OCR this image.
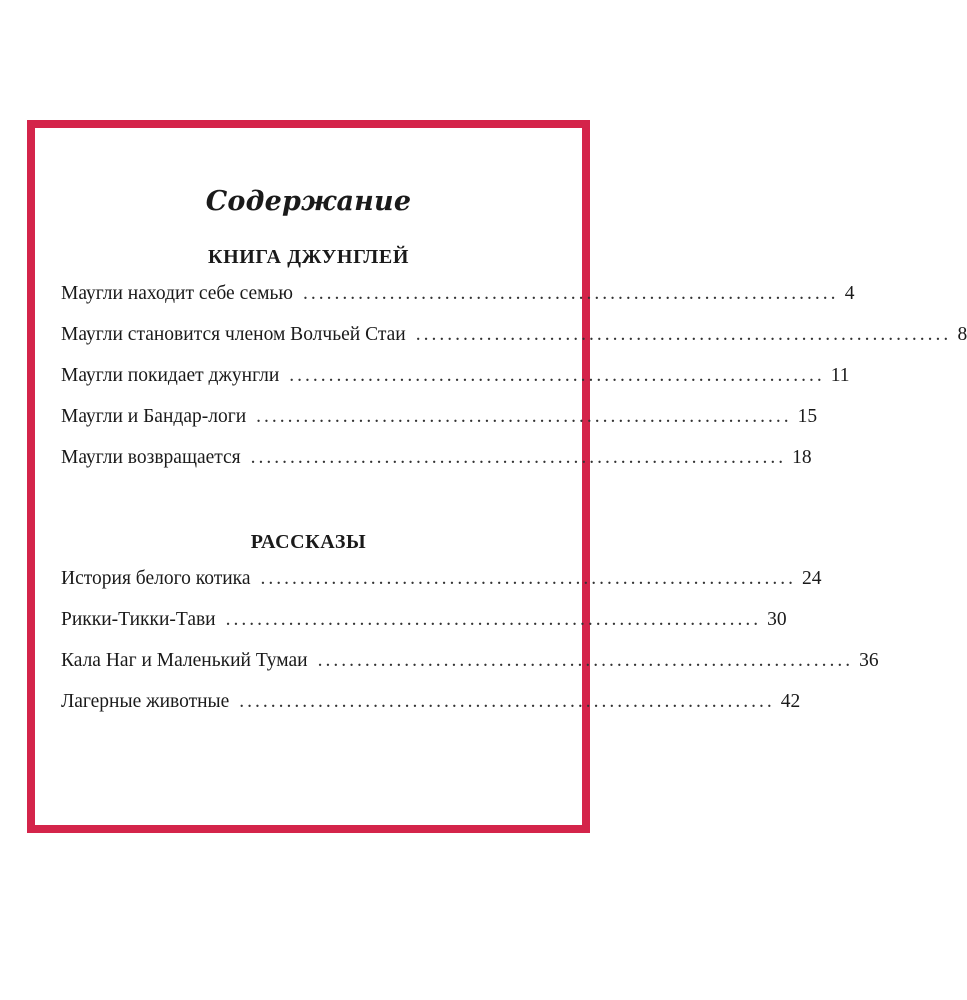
Содержание
КНИГА ДЖУНГЛЕЙ
Маугли находит себе семью .................................................................... 4
Маугли становится членом Волчьей Стаи .................................................................... 8
Маугли покидает джунгли .................................................................... 11
Маугли и Бандар-логи .................................................................... 15
Маугли возвращается .................................................................... 18
РАССКАЗЫ
История белого котика .................................................................... 24
Рикки-Тикки-Тави .................................................................... 30
Кала Наг и Маленький Тумаи .................................................................... 36
Лагерные животные .................................................................... 42
